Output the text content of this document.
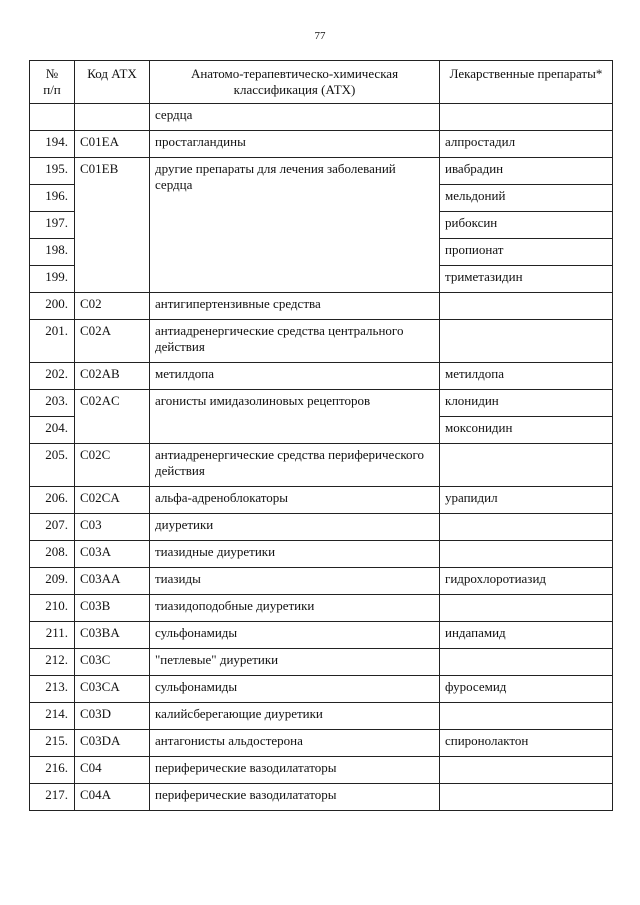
77
№
п/п	Код АТХ	Анатомо-терапевтическо-химическая классификация (АТХ)	Лекарственные препараты*
		сердца	
194.	C01EA	простагландины	алпростадил
195.	C01EB	другие препараты для лечения заболеваний сердца	ивабрадин
196.			мельдоний
197.			рибоксин
198.			пропионат
199.			триметазидин
200.	C02	антигипертензивные средства	
201.	C02A	антиадренергические средства центрального действия	
202.	C02AB	метилдопа	метилдопа
203.	C02AC	агонисты имидазолиновых рецепторов	клонидин
204.			моксонидин
205.	C02C	антиадренергические средства периферического действия	
206.	C02CA	альфа-адреноблокаторы	урапидил
207.	C03	диуретики	
208.	C03A	тиазидные диуретики	
209.	C03AA	тиазиды	гидрохлоротиазид
210.	C03B	тиазидоподобные диуретики	
211.	C03BA	сульфонамиды	индапамид
212.	C03C	"петлевые" диуретики	
213.	C03CA	сульфонамиды	фуросемид
214.	C03D	калийсберегающие диуретики	
215.	C03DA	антагонисты альдостерона	спиронолактон
216.	C04	периферические вазодилататоры	
217.	C04A	периферические вазодилататоры	
